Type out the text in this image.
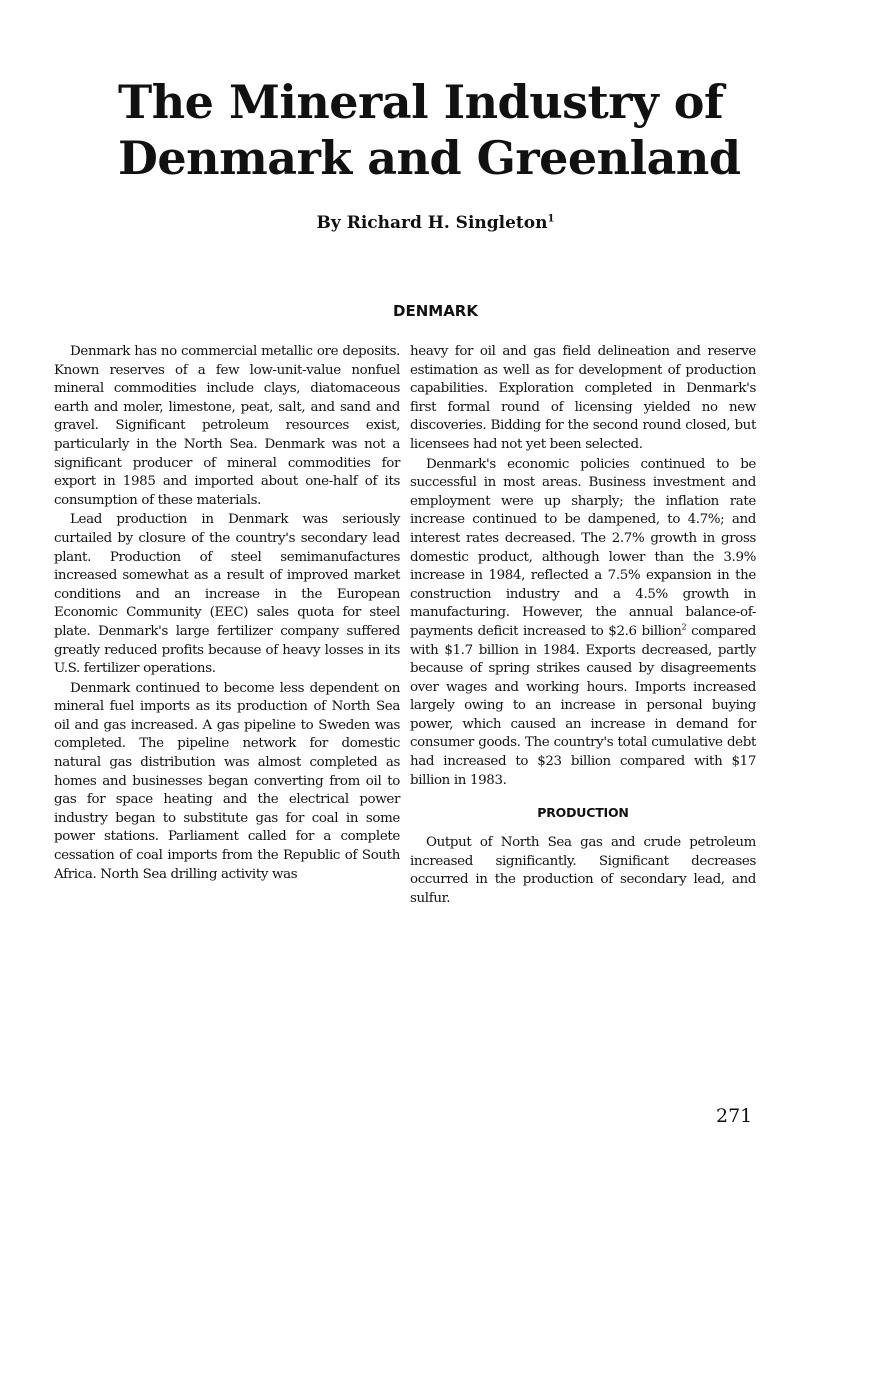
The Mineral Industry of Denmark and Greenland

By Richard H. Singleton$^1$

DENMARK

Denmark has no commercial metallic ore deposits. Known reserves of a few low-unit-value nonfuel mineral commodities include clays, diatomaceous earth and moler, limestone, peat, salt, and sand and gravel. Significant petroleum resources exist, particularly in the North Sea. Denmark was not a significant producer of mineral commodities for export in 1985 and imported about one-half of its consumption of these materials.

Lead production in Denmark was seriously curtailed by closure of the country's secondary lead plant. Production of steel semimanufactures increased somewhat as a result of improved market conditions and an increase in the European Economic Community (EEC) sales quota for steel plate. Denmark's large fertilizer company suffered greatly reduced profits because of heavy losses in its U.S. fertilizer operations.

Denmark continued to become less dependent on mineral fuel imports as its production of North Sea oil and gas increased. A gas pipeline to Sweden was completed. The pipeline network for domestic natural gas distribution was almost completed as homes and businesses began converting from oil to gas for space heating and the electrical power industry began to substitute gas for coal in some power stations. Parliament called for a complete cessation of coal imports from the Republic of South Africa. North Sea drilling activity was

heavy for oil and gas field delineation and reserve estimation as well as for development of production capabilities. Exploration completed in Denmark's first formal round of licensing yielded no new discoveries. Bidding for the second round closed, but licensees had not yet been selected.

Denmark's economic policies continued to be successful in most areas. Business investment and employment were up sharply; the inflation rate increase continued to be dampened, to 4.7%; and interest rates decreased. The 2.7% growth in gross domestic product, although lower than the 3.9% increase in 1984, reflected a 7.5% expansion in the construction industry and a 4.5% growth in manufacturing. However, the annual balance-of-payments deficit increased to $2.6 billion$^2$ compared with $1.7 billion in 1984. Exports decreased, partly because of spring strikes caused by disagreements over wages and working hours. Imports increased largely owing to an increase in personal buying power, which caused an increase in demand for consumer goods. The country's total cumulative debt had increased to $23 billion compared with $17 billion in 1983.

PRODUCTION

Output of North Sea gas and crude petroleum increased significantly. Significant decreases occurred in the production of secondary lead, and sulfur.

271
